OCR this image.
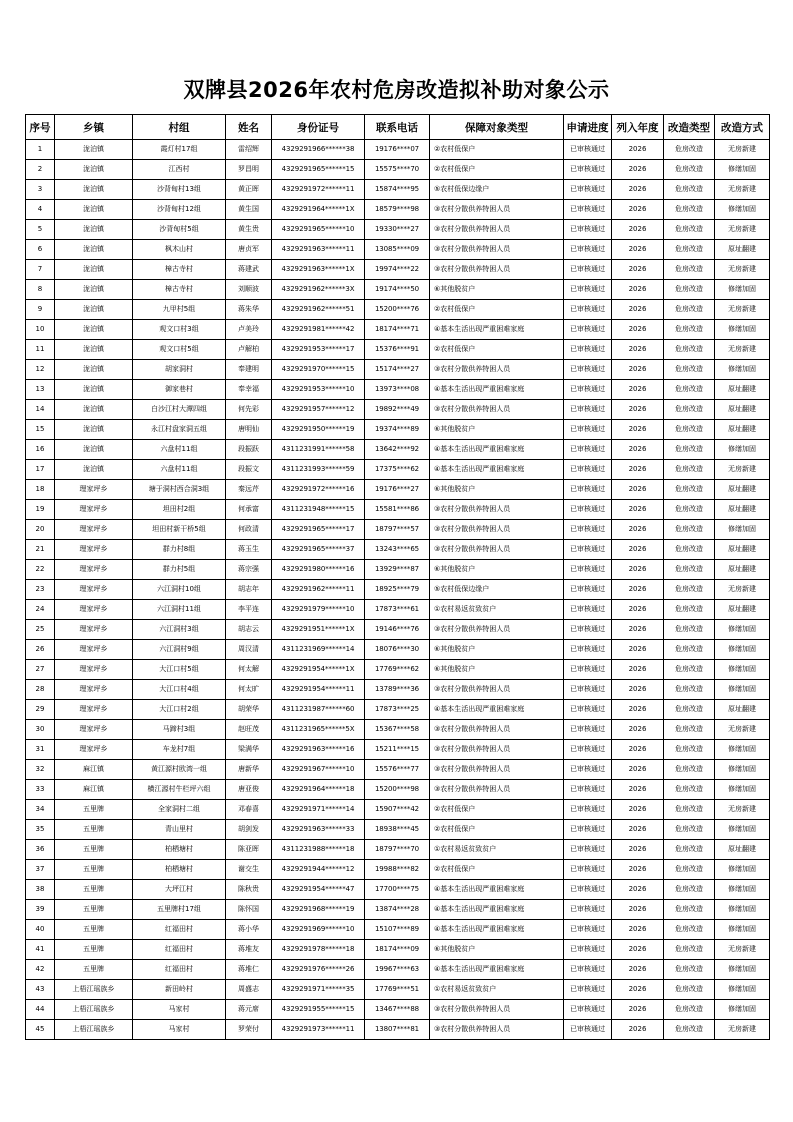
双牌县2026年农村危房改造拟补助对象公示
序号	乡镇	村组	姓名	身份证号	联系电话	保障对象类型	申请进度	列入年度	改造类型	改造方式
1	泷泊镇	霞灯村17组	雷绍辉	4329291966******38	19176****07	②农村低保户	已审核通过	2026	危房改造	无房新建
2	泷泊镇	江西村	罗昌明	4329291965******15	15575****70	②农村低保户	已审核通过	2026	危房改造	修缮加固
3	泷泊镇	沙背甸村13组	黄正晖	4329291972******11	15874****95	⑤农村低保边缘户	已审核通过	2026	危房改造	无房新建
4	泷泊镇	沙背甸村12组	黄生国	4329291964******1X	18579****98	③农村分散供养特困人员	已审核通过	2026	危房改造	修缮加固
5	泷泊镇	沙背甸村5组	黄生贵	4329291965******10	19330****27	③农村分散供养特困人员	已审核通过	2026	危房改造	无房新建
6	泷泊镇	枫木山村	唐贞军	4329291963******11	13085****09	③农村分散供养特困人员	已审核通过	2026	危房改造	原址翻建
7	泷泊镇	樟古寺村	蒋建武	4329291963******1X	19974****22	③农村分散供养特困人员	已审核通过	2026	危房改造	无房新建
8	泷泊镇	樟古寺村	刘顺波	4329291962******3X	19174****50	⑥其他脱贫户	已审核通过	2026	危房改造	修缮加固
9	泷泊镇	九甲村5组	蒋朱华	4329291962******51	15200****76	②农村低保户	已审核通过	2026	危房改造	无房新建
10	泷泊镇	观文口村3组	卢美玲	4329291981******42	18174****71	④基本生活出现严重困难家庭	已审核通过	2026	危房改造	修缮加固
11	泷泊镇	观文口村5组	卢解柏	4329291953******17	15376****91	②农村低保户	已审核通过	2026	危房改造	无房新建
12	泷泊镇	胡家洞村	奉建明	4329291970******15	15174****27	③农村分散供养特困人员	已审核通过	2026	危房改造	修缮加固
13	泷泊镇	御家巷村	奉幸福	4329291953******10	13973****08	④基本生活出现严重困难家庭	已审核通过	2026	危房改造	原址翻建
14	泷泊镇	白沙江村大潭四组	何先彩	4329291957******12	19892****49	③农村分散供养特困人员	已审核通过	2026	危房改造	原址翻建
15	泷泊镇	永江村盘家洞五组	唐明仙	4329291950******19	19374****89	⑥其他脱贫户	已审核通过	2026	危房改造	原址翻建
16	泷泊镇	六盘村11组	段振跃	4311231991******58	13642****92	④基本生活出现严重困难家庭	已审核通过	2026	危房改造	修缮加固
17	泷泊镇	六盘村11组	段振文	4311231993******59	17375****62	④基本生活出现严重困难家庭	已审核通过	2026	危房改造	无房新建
18	理家坪乡	塘于洞村西合洞3组	秦远芹	4329291972******16	19176****27	⑥其他脱贫户	已审核通过	2026	危房改造	原址翻建
19	理家坪乡	坦田村2组	何承富	4311231948******15	15581****86	③农村分散供养特困人员	已审核通过	2026	危房改造	原址翻建
20	理家坪乡	坦田村新干桥5组	何政清	4329291965******17	18797****57	③农村分散供养特困人员	已审核通过	2026	危房改造	修缮加固
21	理家坪乡	群力村8组	蒋玉生	4329291965******37	13243****65	③农村分散供养特困人员	已审核通过	2026	危房改造	原址翻建
22	理家坪乡	群力村5组	蒋宗强	4329291980******16	13929****87	⑥其他脱贫户	已审核通过	2026	危房改造	原址翻建
23	理家坪乡	六江洞村10组	胡志年	4329291962******11	18925****79	⑤农村低保边缘户	已审核通过	2026	危房改造	无房新建
24	理家坪乡	六江洞村11组	李平连	4329291979******10	17873****61	①农村易返贫致贫户	已审核通过	2026	危房改造	原址翻建
25	理家坪乡	六江洞村3组	胡志云	4329291951******1X	19146****76	③农村分散供养特困人员	已审核通过	2026	危房改造	修缮加固
26	理家坪乡	六江洞村9组	周汉清	4311231969******14	18076****30	⑥其他脱贫户	已审核通过	2026	危房改造	修缮加固
27	理家坪乡	大江口村5组	何太解	4329291954******1X	17769****62	⑥其他脱贫户	已审核通过	2026	危房改造	修缮加固
28	理家坪乡	大江口村4组	何太旷	4329291954******11	13789****36	③农村分散供养特困人员	已审核通过	2026	危房改造	修缮加固
29	理家坪乡	大江口村2组	胡荣华	4311231987******60	17873****25	④基本生活出现严重困难家庭	已审核通过	2026	危房改造	原址翻建
30	理家坪乡	马蹄村3组	赵旺茂	4311231965******5X	15367****58	③农村分散供养特困人员	已审核通过	2026	危房改造	无房新建
31	理家坪乡	车龙村7组	梁满华	4329291963******16	15211****15	③农村分散供养特困人员	已审核通过	2026	危房改造	修缮加固
32	麻江镇	黄江源村欧湾一组	唐新华	4329291967******10	15576****77	③农村分散供养特困人员	已审核通过	2026	危房改造	修缮加固
33	麻江镇	横江源村牛栏坪六组	唐亚俊	4329291964******18	15200****98	③农村分散供养特困人员	已审核通过	2026	危房改造	修缮加固
34	五里牌	全家洞村二组	邓春喜	4329291971******14	15907****42	②农村低保户	已审核通过	2026	危房改造	无房新建
35	五里牌	青山里村	胡剑发	4329291963******33	18938****45	②农村低保户	已审核通过	2026	危房改造	修缮加固
36	五里牌	柏栖塘村	陈亚晖	4311231988******18	18797****70	①农村易返贫致贫户	已审核通过	2026	危房改造	原址翻建
37	五里牌	柏栖塘村	谢交生	4329291944******12	19988****82	②农村低保户	已审核通过	2026	危房改造	修缮加固
38	五里牌	大坪江村	陈秋贵	4329291954******47	17700****75	④基本生活出现严重困难家庭	已审核通过	2026	危房改造	修缮加固
39	五里牌	五里牌村17组	陈怀国	4329291968******19	13874****28	④基本生活出现严重困难家庭	已审核通过	2026	危房改造	修缮加固
40	五里牌	红福田村	蒋小华	4329291969******10	15107****89	④基本生活出现严重困难家庭	已审核通过	2026	危房改造	修缮加固
41	五里牌	红福田村	蒋堆友	4329291978******18	18174****09	⑥其他脱贫户	已审核通过	2026	危房改造	无房新建
42	五里牌	红福田村	蒋堆仁	4329291976******26	19967****63	④基本生活出现严重困难家庭	已审核通过	2026	危房改造	修缮加固
43	上梧江瑶族乡	新田岭村	周盛志	4329291971******35	17769****51	①农村易返贫致贫户	已审核通过	2026	危房改造	修缮加固
44	上梧江瑶族乡	马家村	蒋元席	4329291955******15	13467****88	③农村分散供养特困人员	已审核通过	2026	危房改造	修缮加固
45	上梧江瑶族乡	马家村	罗荣付	4329291973******11	13807****81	③农村分散供养特困人员	已审核通过	2026	危房改造	无房新建
